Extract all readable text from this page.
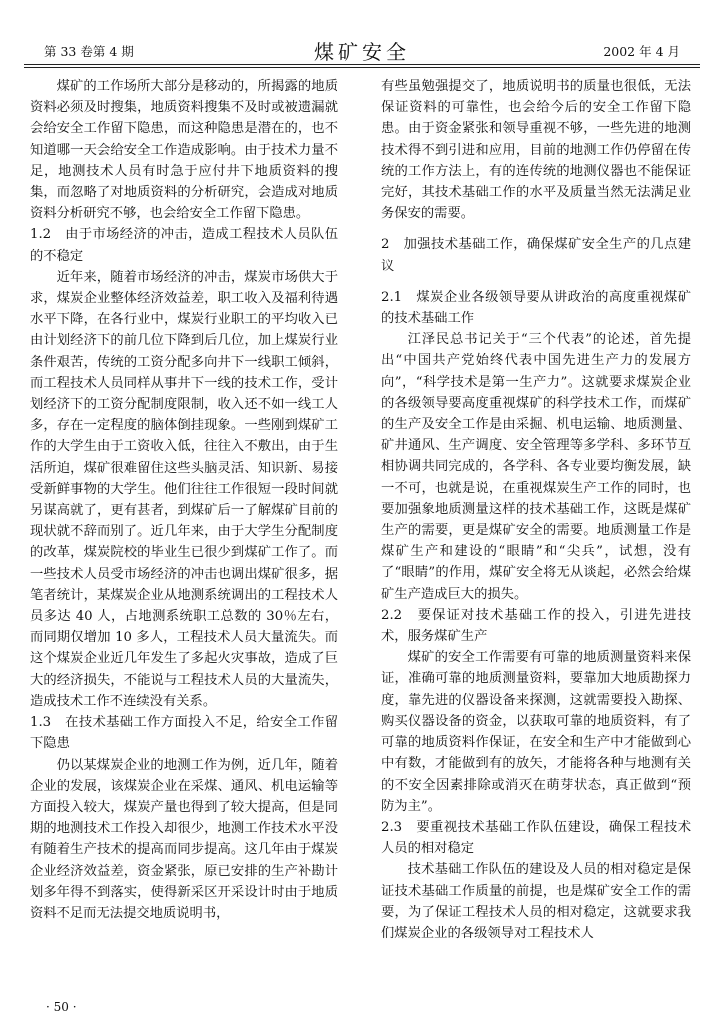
第 33 卷第 4 期	煤矿安全	2002 年 4 月

煤矿的工作场所大部分是移动的，所揭露的地质资料必须及时搜集，地质资料搜集不及时或被遗漏就会给安全工作留下隐患，而这种隐患是潜在的，也不知道哪一天会给安全工作造成影响。由于技术力量不足，地测技术人员有时急于应付井下地质资料的搜集，而忽略了对地质资料的分析研究，会造成对地质资料分析研究不够，也会给安全工作留下隐患。

1.2　由于市场经济的冲击，造成工程技术人员队伍的不稳定

近年来，随着市场经济的冲击，煤炭市场供大于求，煤炭企业整体经济效益差，职工收入及福利待遇水平下降，在各行业中，煤炭行业职工的平均收入已由计划经济下的前几位下降到后几位，加上煤炭行业条件艰苦，传统的工资分配多向井下一线职工倾斜，而工程技术人员同样从事井下一线的技术工作，受计划经济下的工资分配制度限制，收入还不如一线工人多，存在一定程度的脑体倒挂现象。一些刚到煤矿工作的大学生由于工资收入低，往往入不敷出，由于生活所迫，煤矿很难留住这些头脑灵活、知识新、易接受新鲜事物的大学生。他们往往工作很短一段时间就另谋高就了，更有甚者，到煤矿后一了解煤矿目前的现状就不辞而别了。近几年来，由于大学生分配制度的改革，煤炭院校的毕业生已很少到煤矿工作了。而一些技术人员受市场经济的冲击也调出煤矿很多，据笔者统计，某煤炭企业从地测系统调出的工程技术人员多达 40 人，占地测系统职工总数的 30％左右，而同期仅增加 10 多人，工程技术人员大量流失。而这个煤炭企业近几年发生了多起火灾事故，造成了巨大的经济损失，不能说与工程技术人员的大量流失，造成技术工作不连续没有关系。

1.3　在技术基础工作方面投入不足，给安全工作留下隐患

仍以某煤炭企业的地测工作为例，近几年，随着企业的发展，该煤炭企业在采煤、通风、机电运输等方面投入较大，煤炭产量也得到了较大提高，但是同期的地测技术工作投入却很少，地测工作技术水平没有随着生产技术的提高而同步提高。这几年由于煤炭企业经济效益差，资金紧张，原已安排的生产补勘计划多年得不到落实，使得新采区开采设计时由于地质资料不足而无法提交地质说明书，

有些虽勉强提交了，地质说明书的质量也很低，无法保证资料的可靠性，也会给今后的安全工作留下隐患。由于资金紧张和领导重视不够，一些先进的地测技术得不到引进和应用，目前的地测工作仍停留在传统的工作方法上，有的连传统的地测仪器也不能保证完好，其技术基础工作的水平及质量当然无法满足业务保安的需要。

2　加强技术基础工作，确保煤矿安全生产的几点建议

2.1　煤炭企业各级领导要从讲政治的高度重视煤矿的技术基础工作

江泽民总书记关于“三个代表”的论述，首先提出“中国共产党始终代表中国先进生产力的发展方向”，“科学技术是第一生产力”。这就要求煤炭企业的各级领导要高度重视煤矿的科学技术工作，而煤矿的生产及安全工作是由采掘、机电运输、地质测量、矿井通风、生产调度、安全管理等多学科、多环节互相协调共同完成的，各学科、各专业要均衡发展，缺一不可，也就是说，在重视煤炭生产工作的同时，也要加强象地质测量这样的技术基础工作，这既是煤矿生产的需要，更是煤矿安全的需要。地质测量工作是煤矿生产和建设的“眼睛”和“尖兵”，试想，没有了“眼睛”的作用，煤矿安全将无从谈起，必然会给煤矿生产造成巨大的损失。

2.2　要保证对技术基础工作的投入，引进先进技术，服务煤矿生产

煤矿的安全工作需要有可靠的地质测量资料来保证，准确可靠的地质测量资料，要靠加大地质勘探力度，靠先进的仪器设备来探测，这就需要投入勘探、购买仪器设备的资金，以获取可靠的地质资料，有了可靠的地质资料作保证，在安全和生产中才能做到心中有数，才能做到有的放矢，才能将各种与地测有关的不安全因素排除或消灭在萌芽状态，真正做到“预防为主”。

2.3　要重视技术基础工作队伍建设，确保工程技术人员的相对稳定

技术基础工作队伍的建设及人员的相对稳定是保证技术基础工作质量的前提，也是煤矿安全工作的需要，为了保证工程技术人员的相对稳定，这就要求我们煤炭企业的各级领导对工程技术人

· 50 ·
